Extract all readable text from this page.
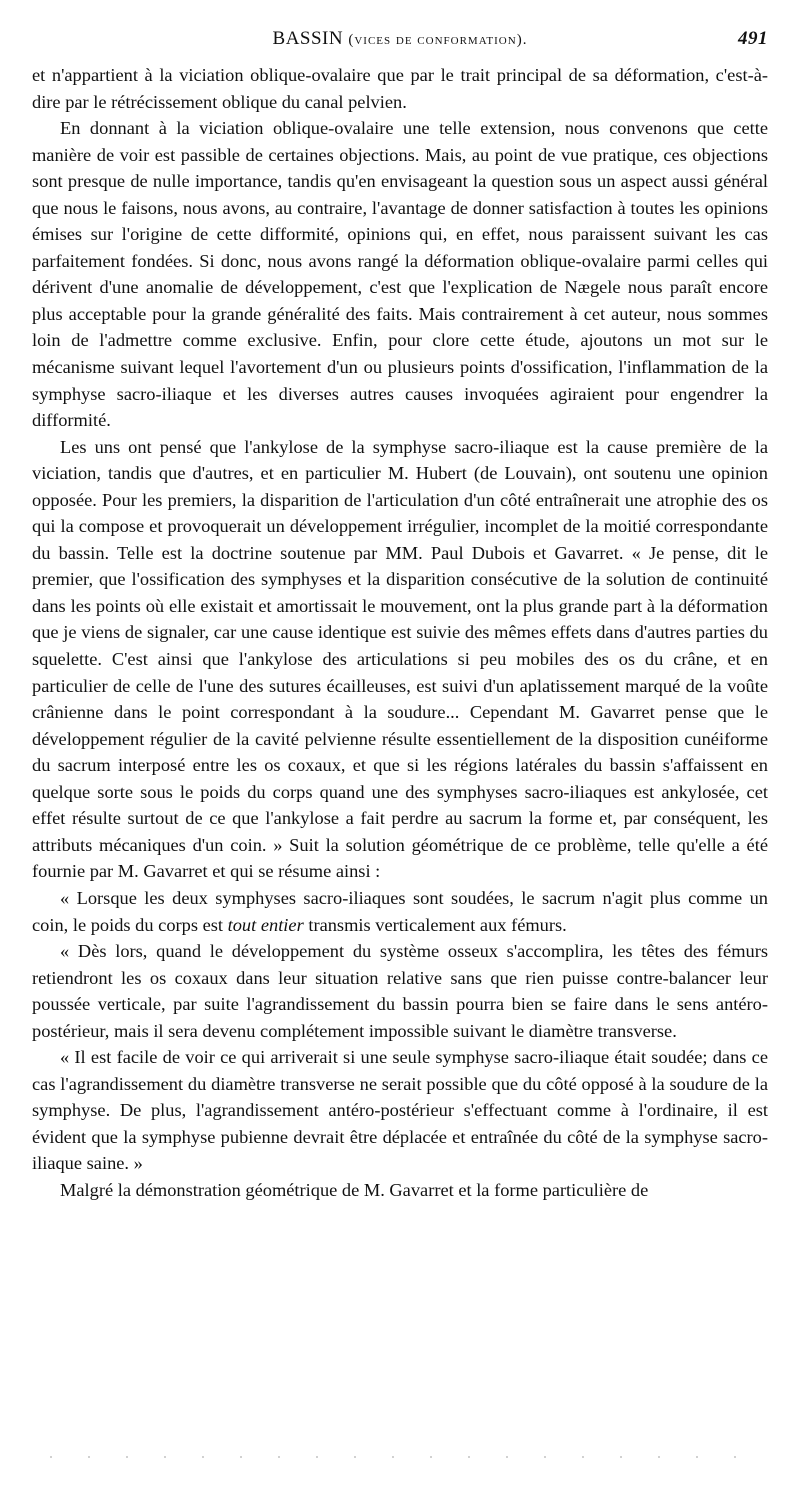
BASSIN (vices de conformation).	491

et n'appartient à la viciation oblique-ovalaire que par le trait principal de sa déformation, c'est-à-dire par le rétrécissement oblique du canal pelvien.

En donnant à la viciation oblique-ovalaire une telle extension, nous convenons que cette manière de voir est passible de certaines objections. Mais, au point de vue pratique, ces objections sont presque de nulle importance, tandis qu'en envisageant la question sous un aspect aussi général que nous le faisons, nous avons, au contraire, l'avantage de donner satisfaction à toutes les opinions émises sur l'origine de cette difformité, opinions qui, en effet, nous paraissent suivant les cas parfaitement fondées. Si donc, nous avons rangé la déformation oblique-ovalaire parmi celles qui dérivent d'une anomalie de développement, c'est que l'explication de Nægele nous paraît encore plus acceptable pour la grande généralité des faits. Mais contrairement à cet auteur, nous sommes loin de l'admettre comme exclusive. Enfin, pour clore cette étude, ajoutons un mot sur le mécanisme suivant lequel l'avortement d'un ou plusieurs points d'ossification, l'inflammation de la symphyse sacro-iliaque et les diverses autres causes invoquées agiraient pour engendrer la difformité.

Les uns ont pensé que l'ankylose de la symphyse sacro-iliaque est la cause première de la viciation, tandis que d'autres, et en particulier M. Hubert (de Louvain), ont soutenu une opinion opposée. Pour les premiers, la disparition de l'articulation d'un côté entraînerait une atrophie des os qui la compose et provoquerait un développement irrégulier, incomplet de la moitié correspondante du bassin. Telle est la doctrine soutenue par MM. Paul Dubois et Gavarret. « Je pense, dit le premier, que l'ossification des symphyses et la disparition consécutive de la solution de continuité dans les points où elle existait et amortissait le mouvement, ont la plus grande part à la déformation que je viens de signaler, car une cause identique est suivie des mêmes effets dans d'autres parties du squelette. C'est ainsi que l'ankylose des articulations si peu mobiles des os du crâne, et en particulier de celle de l'une des sutures écailleuses, est suivi d'un aplatissement marqué de la voûte crânienne dans le point correspondant à la soudure... Cependant M. Gavarret pense que le développement régulier de la cavité pelvienne résulte essentiellement de la disposition cunéiforme du sacrum interposé entre les os coxaux, et que si les régions latérales du bassin s'affaissent en quelque sorte sous le poids du corps quand une des symphyses sacro-iliaques est ankylosée, cet effet résulte surtout de ce que l'ankylose a fait perdre au sacrum la forme et, par conséquent, les attributs mécaniques d'un coin. » Suit la solution géométrique de ce problème, telle qu'elle a été fournie par M. Gavarret et qui se résume ainsi :

« Lorsque les deux symphyses sacro-iliaques sont soudées, le sacrum n'agit plus comme un coin, le poids du corps est tout entier transmis verticalement aux fémurs.

« Dès lors, quand le développement du système osseux s'accomplira, les têtes des fémurs retiendront les os coxaux dans leur situation relative sans que rien puisse contre-balancer leur poussée verticale, par suite l'agrandissement du bassin pourra bien se faire dans le sens antéro-postérieur, mais il sera devenu complétement impossible suivant le diamètre transverse.

« Il est facile de voir ce qui arriverait si une seule symphyse sacro-iliaque était soudée; dans ce cas l'agrandissement du diamètre transverse ne serait possible que du côté opposé à la soudure de la symphyse. De plus, l'agrandissement antéro-postérieur s'effectuant comme à l'ordinaire, il est évident que la symphyse pubienne devrait être déplacée et entraînée du côté de la symphyse sacro-iliaque saine. »

Malgré la démonstration géométrique de M. Gavarret et la forme particulière de
